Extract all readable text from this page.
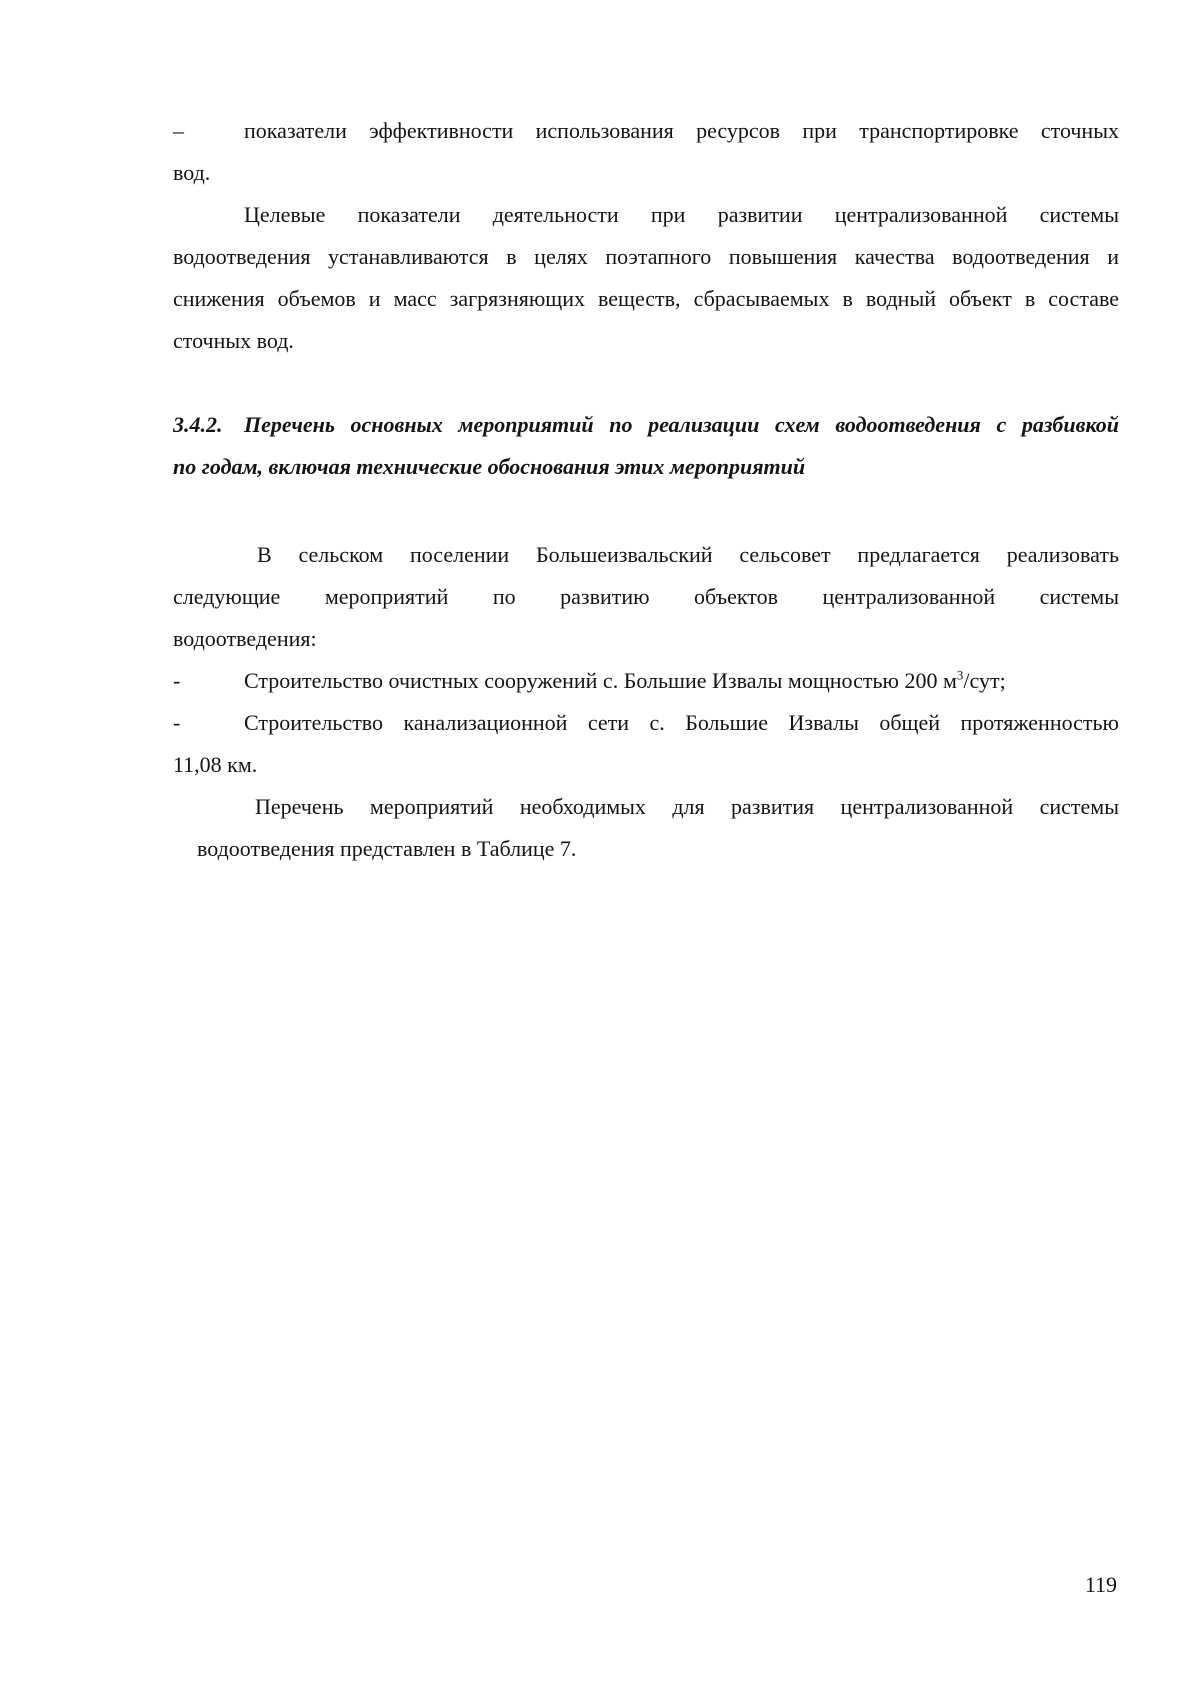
–	показатели эффективности использования ресурсов при транспортировке сточных
вод.
Целевые показатели деятельности при развитии централизованной системы
водоотведения устанавливаются в целях поэтапного повышения качества водоотведения и
снижения объемов и масс загрязняющих веществ, сбрасываемых в водный объект в составе
сточных вод.
3.4.2. Перечень основных мероприятий по реализации схем водоотведения с разбивкой
по годам, включая технические обоснования этих мероприятий
В сельском поселении Большеизвальский сельсовет предлагается реализовать
следующие мероприятий по развитию объектов централизованной системы
водоотведения:
-	Строительство очистных сооружений с. Большие Извалы мощностью 200 $м^3$/сут;
-	Строительство канализационной сети с. Большие Извалы общей протяженностью
11,08 км.
Перечень мероприятий необходимых для развития централизованной системы
водоотведения представлен в Таблице 7.
119
